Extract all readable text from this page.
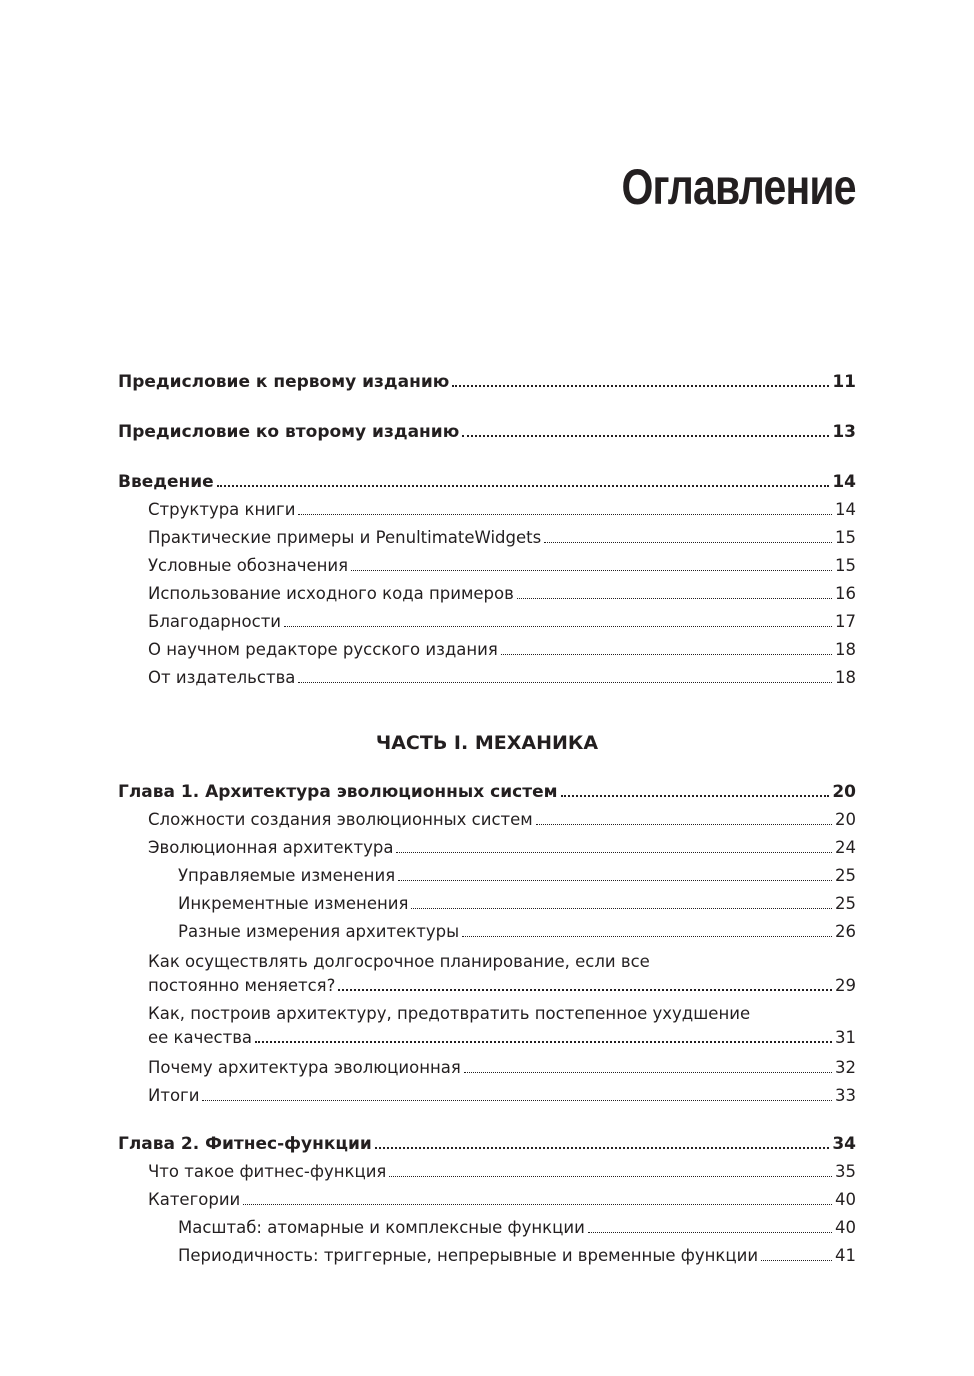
Оглавление
Предисловие к первому изданию	11
Предисловие ко второму изданию	13
Введение	14
Структура книги	14
Практические примеры и PenultimateWidgets	15
Условные обозначения	15
Использование исходного кода примеров	16
Благодарности	17
О научном редакторе русского издания	18
От издательства	18
ЧАСТЬ I. МЕХАНИКА
Глава 1. Архитектура эволюционных систем	20
Сложности создания эволюционных систем	20
Эволюционная архитектура	24
Управляемые изменения	25
Инкрементные изменения	25
Разные измерения архитектуры	26
Как осуществлять долгосрочное планирование, если все
постоянно меняется?	29
Как, построив архитектуру, предотвратить постепенное ухудшение
ее качества	31
Почему архитектура эволюционная	32
Итоги	33
Глава 2. Фитнес-функции	34
Что такое фитнес-функция	35
Категории	40
Масштаб: атомарные и комплексные функции	40
Периодичность: триггерные, непрерывные и временные функции	41
